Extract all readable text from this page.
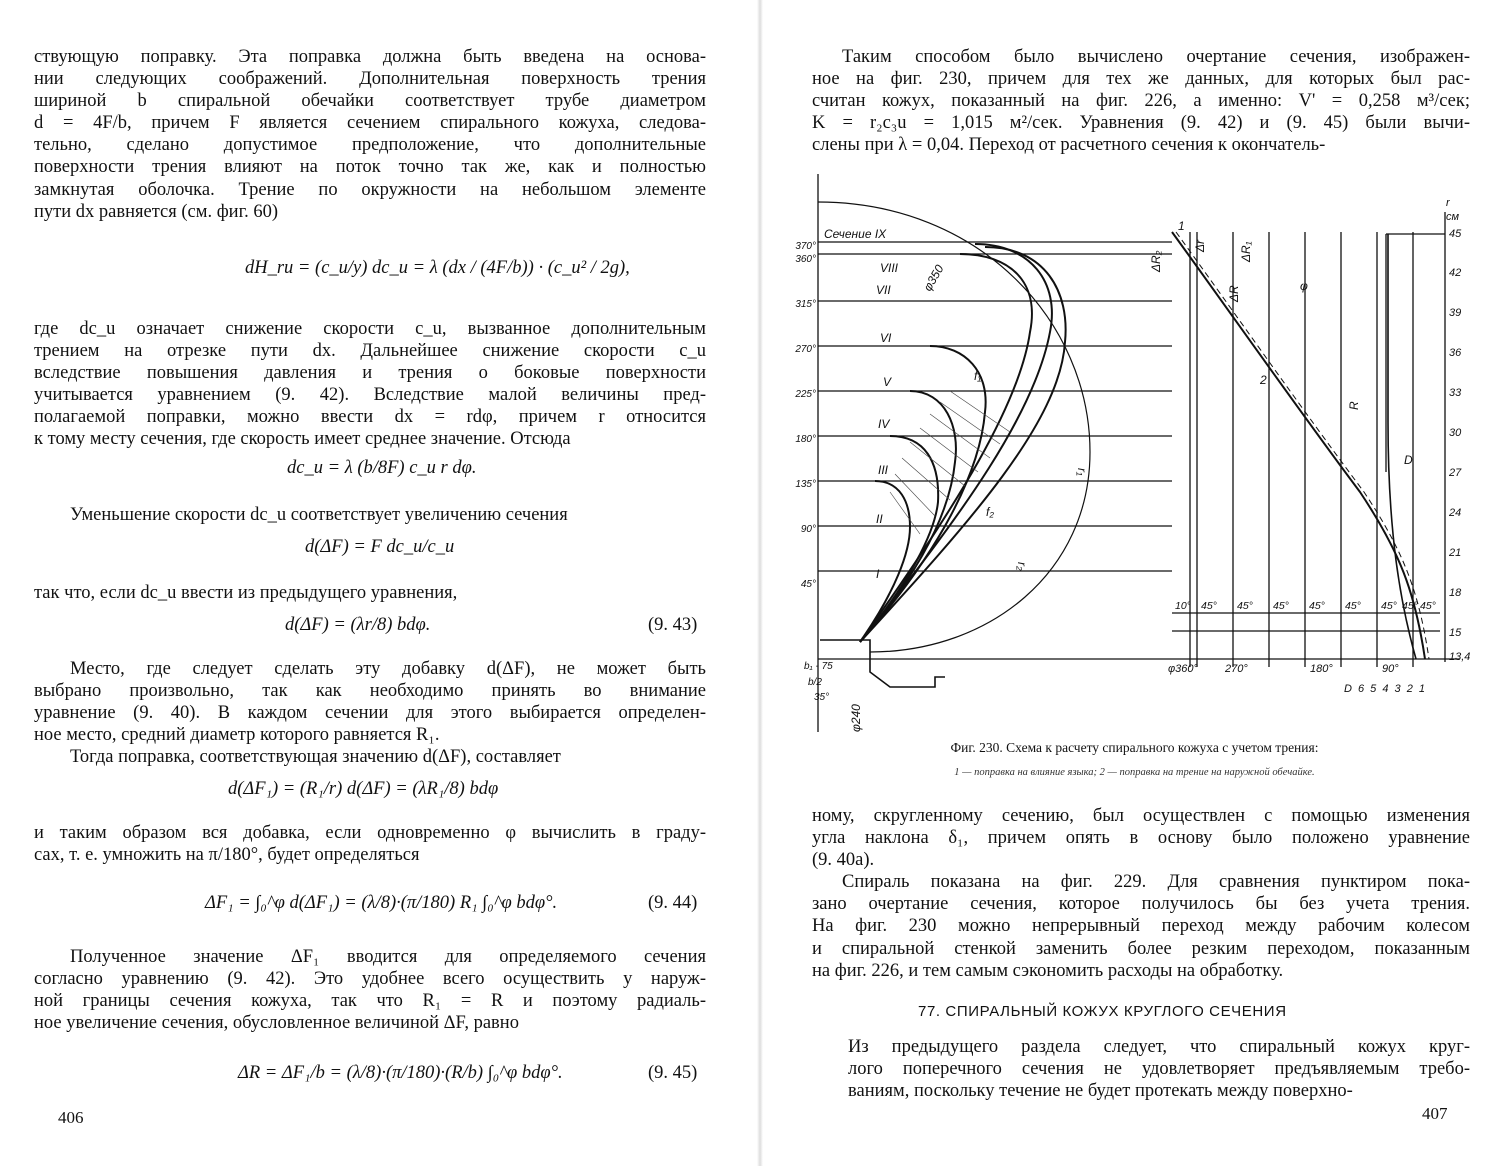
ствующую поправку. Эта поправка должна быть введена на основа-
нии следующих соображений. Дополнительная поверхность трения
шириной b спиральной обечайки соответствует трубе диаметром
d = 4F/b, причем F является сечением спирального кожуха, следова-
тельно, сделано допустимое предположение, что дополнительные
поверхности трения влияют на поток точно так же, как и полностью
замкнутая оболочка. Трение по окружности на небольшом элементе
пути dx равняется (см. фиг. 60)
dH_ru = (c_u/y) dc_u = λ (dx / (4F/b)) · (c_u² / 2g),
где dc_u означает снижение скорости c_u, вызванное дополнительным
трением на отрезке пути dx. Дальнейшее снижение скорости c_u
вследствие повышения давления и трения о боковые поверхности
учитывается уравнением (9. 42). Вследствие малой величины пред-
полагаемой поправки, можно ввести dx = rdφ, причем r относится
к тому месту сечения, где скорость имеет среднее значение. Отсюда
dc_u = λ (b/8F) c_u r dφ.
Уменьшение скорости dc_u соответствует увеличению сечения
d(ΔF) = F dc_u/c_u
так что, если dc_u ввести из предыдущего уравнения,
d(ΔF) = (λr/8) bdφ.	(9. 43)
Место, где следует сделать эту добавку d(ΔF), не может быть
выбрано произвольно, так как необходимо принять во внимание
уравнение (9. 40). В каждом сечении для этого выбирается определен-
ное место, средний диаметр которого равняется R₁.
Тогда поправка, соответствующая значению d(ΔF), составляет
d(ΔF₁) = (R₁/r) d(ΔF) = (λR₁/8) bdφ
и таким образом вся добавка, если одновременно φ вычислить в граду-
сах, т. е. умножить на π/180°, будет определяться
ΔF₁ = ∫₀^φ d(ΔF₁) = (λ/8)·(π/180) R₁ ∫₀^φ bdφ°.	(9. 44)
Полученное значение ΔF₁ вводится для определяемого сечения
согласно уравнению (9. 42). Это удобнее всего осуществить у наруж-
ной границы сечения кожуха, так что R₁ = R и поэтому радиаль-
ное увеличение сечения, обусловленное величиной ΔF, равно
ΔR = ΔF₁/b = (λ/8)·(π/180)·(R/b) ∫₀^φ bdφ°.	(9. 45)
406
Таким способом было вычислено очертание сечения, изображен-
ное на фиг. 230, причем для тех же данных, для которых был рас-
считан кожух, показанный на фиг. 226, а именно: V' = 0,258 м³/сек;
K = r₂c₃u = 1,015 м²/сек. Уравнения (9. 42) и (9. 45) были вычи-
слены при λ = 0,04. Переход от расчетного сечения к окончатель-
Сечение IX
VIII
VII
VI
V
IV
III
II
I
370°
360°
315°
270°
225°
180°
135°
90°
45°
r
см
45
42
39
36
33
30
27
24
21
18
15
13,4
10° 45° 45° 45° 45° 45° 45° 45° 45°
φ360° 270°	180°	90°
D 6 5 4 3 2 1
φ
R
D
f₁
f₂
r₁
r₂
ΔR
ΔR₁
ΔR₂
Δr
1
2
b₁ - 75
b/2
35°
φ350
φ240
Фиг. 230. Схема к расчету спирального кожуха с учетом трения:
1 — поправка на влияние языка; 2 — поправка на трение на наружной обечайке.
ному, скругленному сечению, был осуществлен с помощью изменения
угла наклона δ₁, причем опять в основу было положено уравнение
(9. 40а).
Спираль показана на фиг. 229. Для сравнения пунктиром пока-
зано очертание сечения, которое получилось бы без учета трения.
На фиг. 230 можно непрерывный переход между рабочим колесом
и спиральной стенкой заменить более резким переходом, показанным
на фиг. 226, и тем самым сэкономить расходы на обработку.
77. СПИРАЛЬНЫЙ КОЖУХ КРУГЛОГО СЕЧЕНИЯ
Из предыдущего раздела следует, что спиральный кожух круг-
лого поперечного сечения не удовлетворяет предъявляемым требо-
ваниям, поскольку течение не будет протекать между поверхно-
407
